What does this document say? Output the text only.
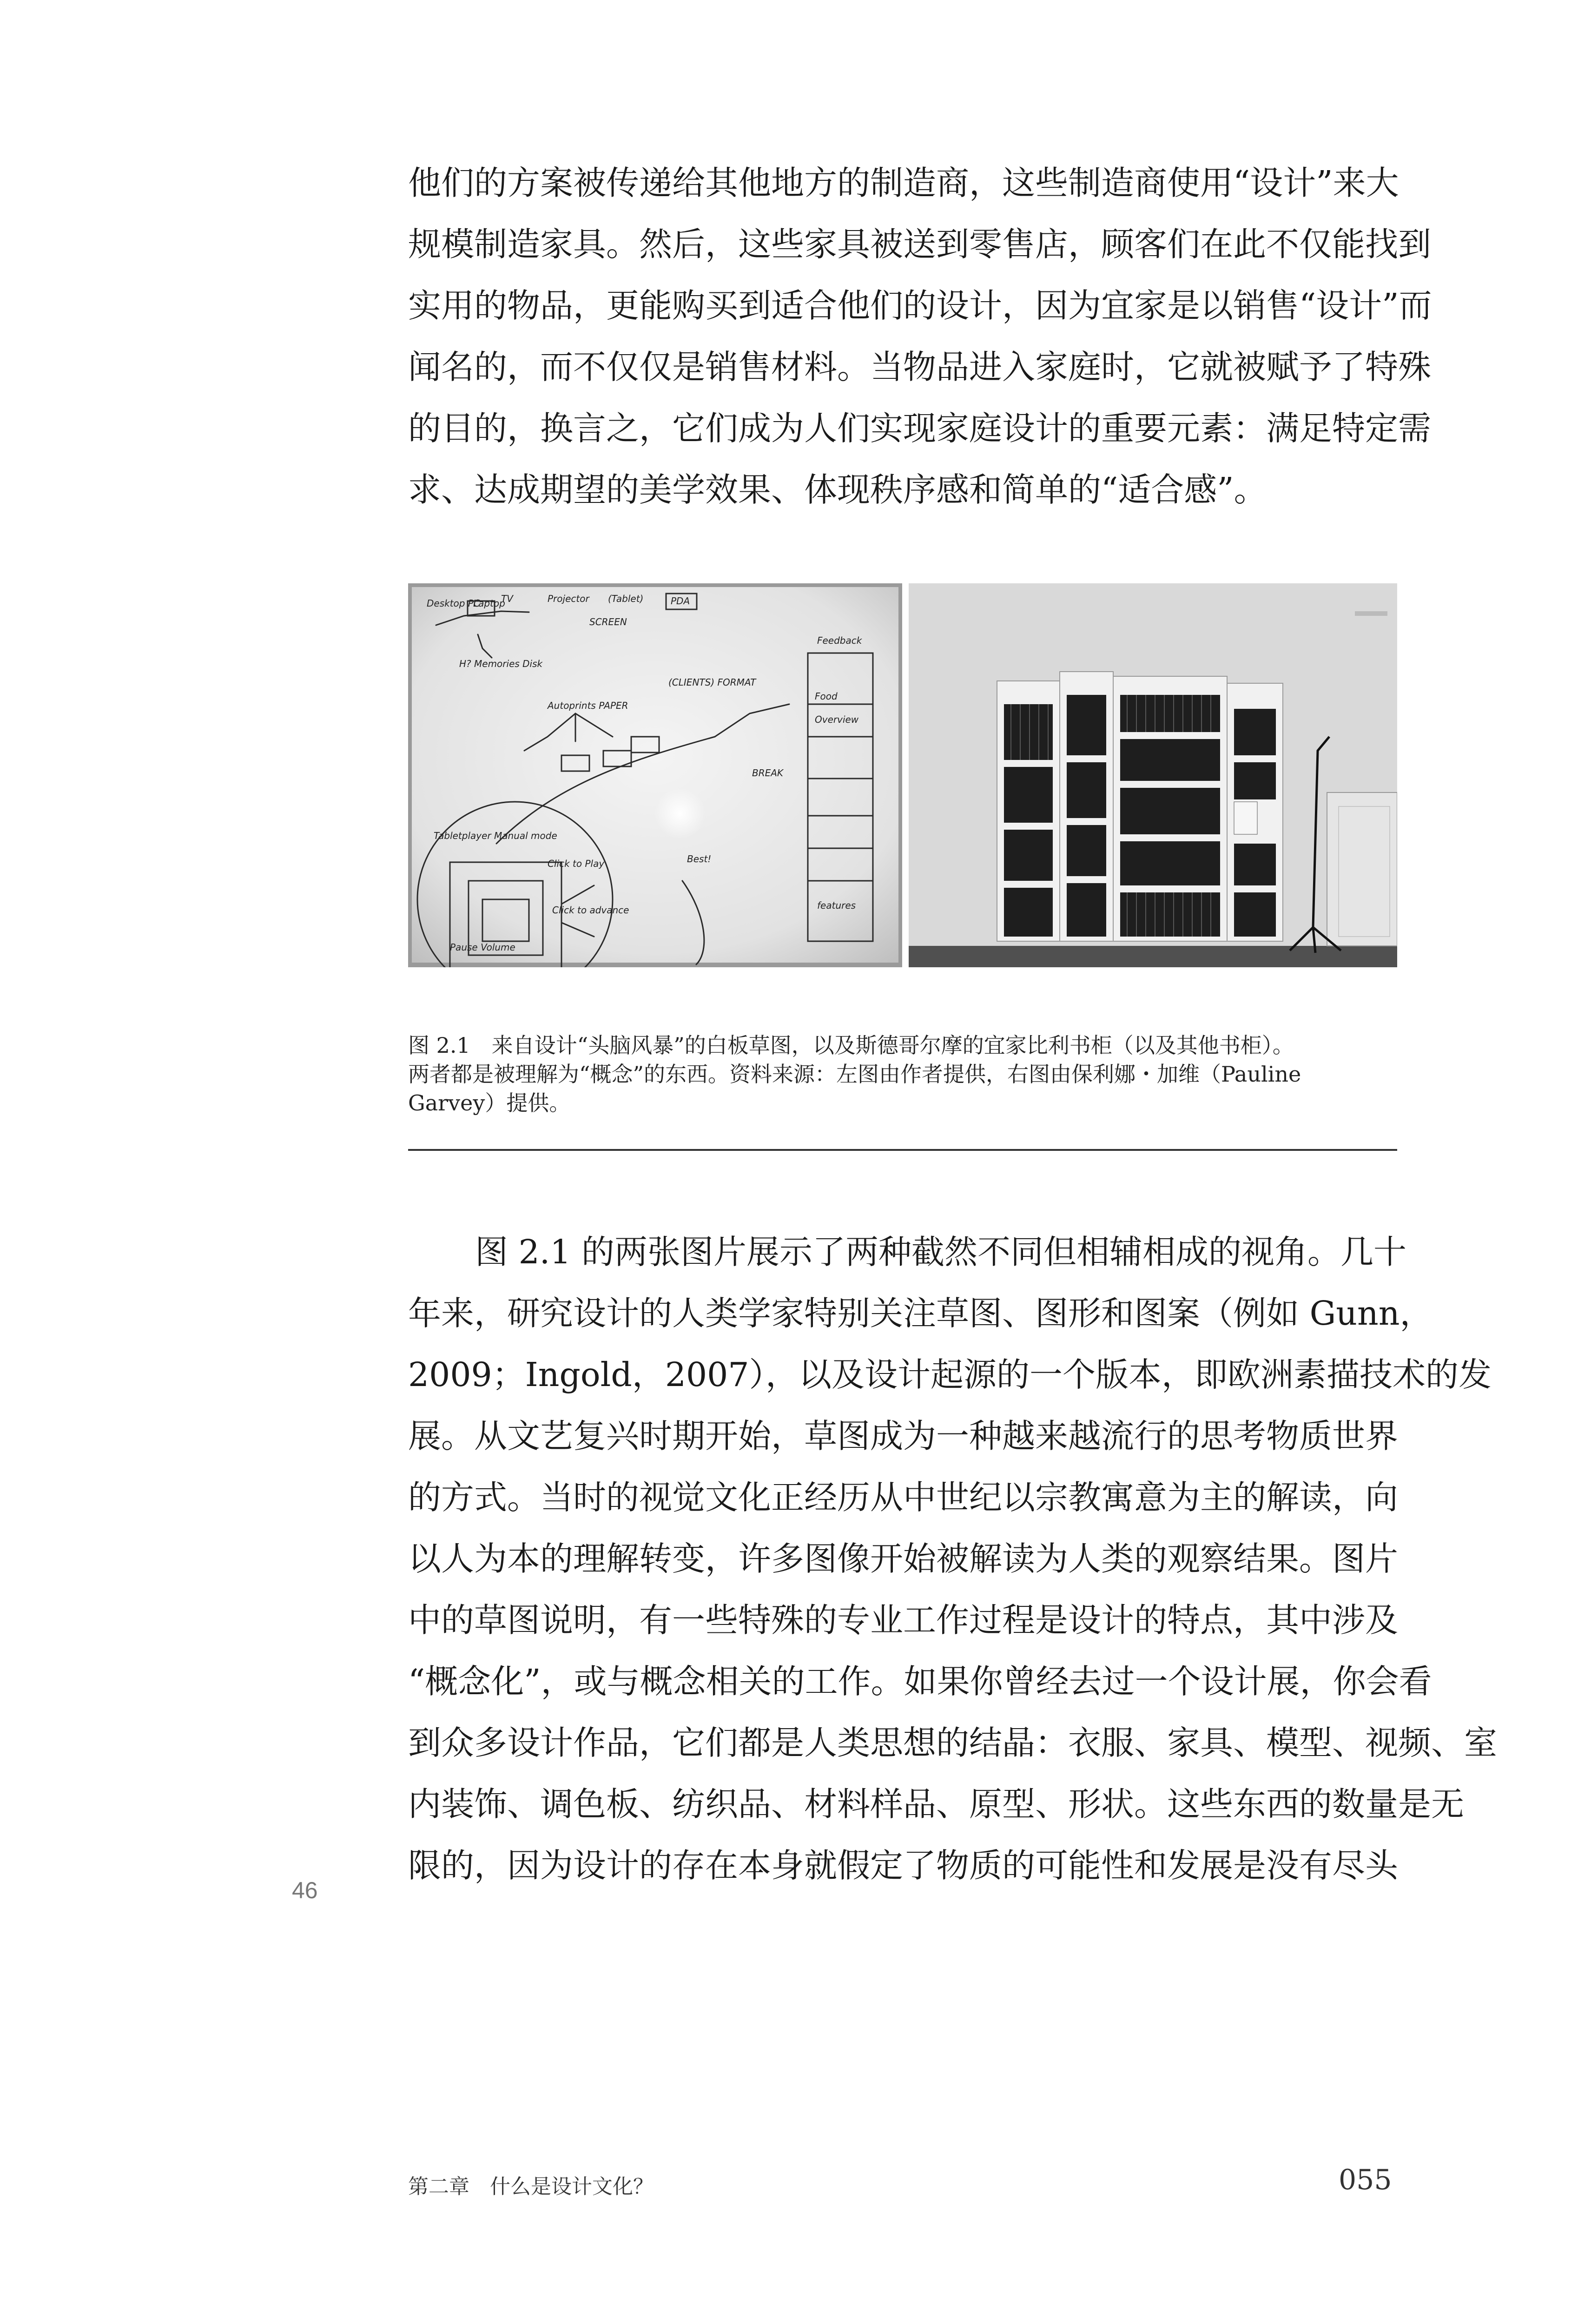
他们的方案被传递给其他地方的制造商，这些制造商使用“设计”来大
规模制造家具。然后，这些家具被送到零售店，顾客们在此不仅能找到
实用的物品，更能购买到适合他们的设计，因为宜家是以销售“设计”而
闻名的，而不仅仅是销售材料。当物品进入家庭时，它就被赋予了特殊
的目的，换言之，它们成为人们实现家庭设计的重要元素：满足特定需
求、达成期望的美学效果、体现秩序感和简单的“适合感”。
Desktop PC
Laptop
TV	Projector (Tablet)	PDA
SCREEN
H? Memories Disk
(CLIENTS) FORMAT
Autoprints PAPER
Feedback
Food
Overview
BREAK
Tabletplayer Manual mode
Click to Play
Click to advance
Pause Volume
Best!
features
图 2.1　来自设计“头脑风暴”的白板草图，以及斯德哥尔摩的宜家比利书柜（以及其他书柜）。
两者都是被理解为“概念”的东西。资料来源：左图由作者提供，右图由保利娜・加维（Pauline
Garvey）提供。
图 2.1 的两张图片展示了两种截然不同但相辅相成的视角。几十
年来，研究设计的人类学家特别关注草图、图形和图案（例如 Gunn，
2009；Ingold，2007），以及设计起源的一个版本，即欧洲素描技术的发
展。从文艺复兴时期开始，草图成为一种越来越流行的思考物质世界
的方式。当时的视觉文化正经历从中世纪以宗教寓意为主的解读，向
以人为本的理解转变，许多图像开始被解读为人类的观察结果。图片
中的草图说明，有一些特殊的专业工作过程是设计的特点，其中涉及
“概念化”，或与概念相关的工作。如果你曾经去过一个设计展，你会看
到众多设计作品，它们都是人类思想的结晶：衣服、家具、模型、视频、室
内装饰、调色板、纺织品、材料样品、原型、形状。这些东西的数量是无
限的，因为设计的存在本身就假定了物质的可能性和发展是没有尽头
46
第二章　什么是设计文化？	055
